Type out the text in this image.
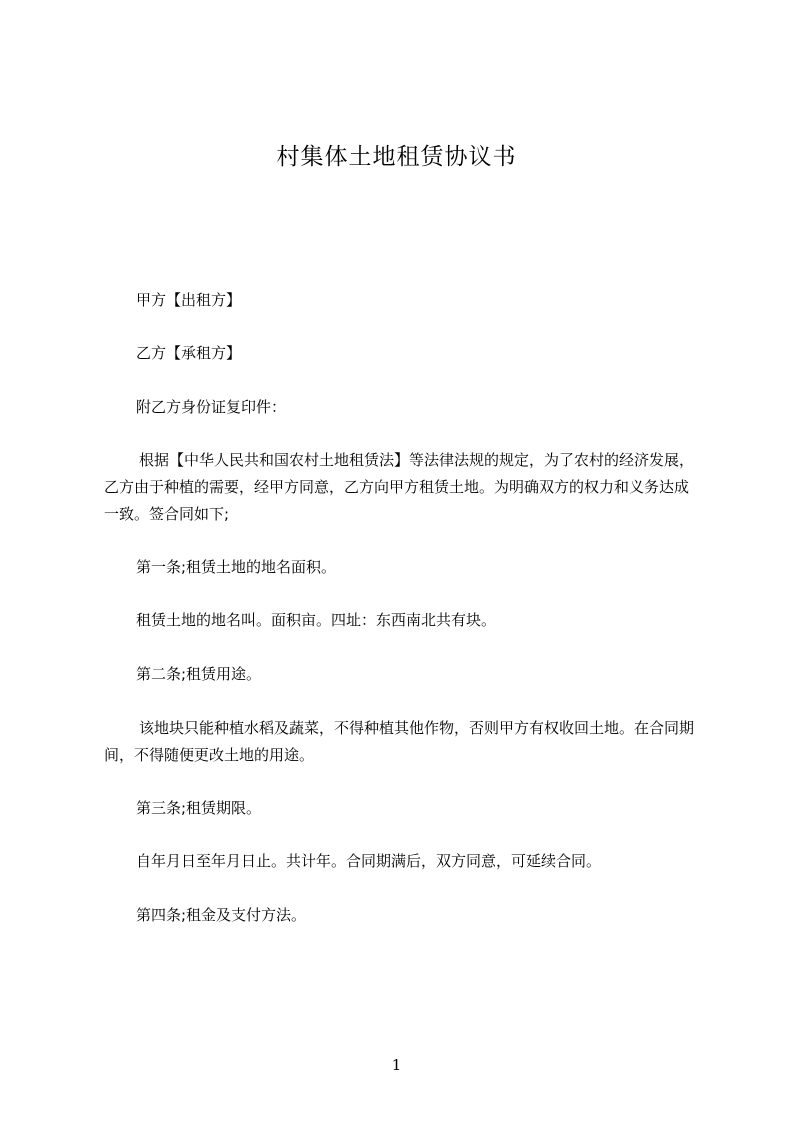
村集体土地租赁协议书

甲方【出租方】

乙方【承租方】

附乙方身份证复印件：

根据【中华人民共和国农村土地租赁法】等法律法规的规定，为了农村的经济发展，乙方由于种植的需要，经甲方同意，乙方向甲方租赁土地。为明确双方的权力和义务达成一致。签合同如下;

第一条;租赁土地的地名面积。

租赁土地的地名叫。面积亩。四址：东西南北共有块。

第二条;租赁用途。

该地块只能种植水稻及蔬菜，不得种植其他作物，否则甲方有权收回土地。在合同期间，不得随便更改土地的用途。

第三条;租赁期限。

自年月日至年月日止。共计年。合同期满后，双方同意，可延续合同。

第四条;租金及支付方法。

1
